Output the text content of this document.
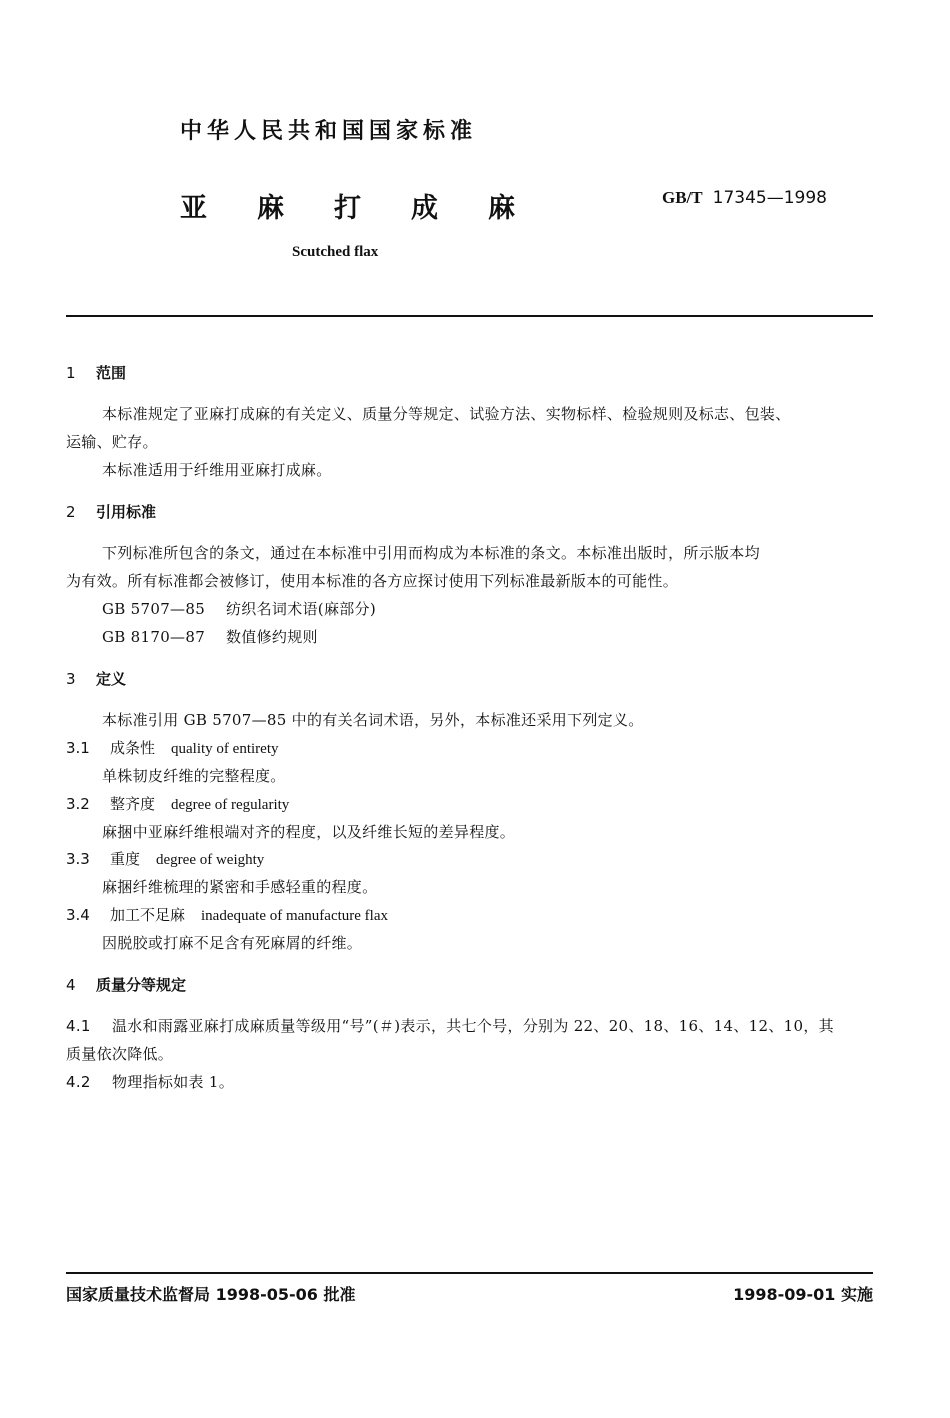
中华人民共和国国家标准
亚 麻 打 成 麻	GB/T 17345—1998
Scutched flax
1 范围
本标准规定了亚麻打成麻的有关定义、质量分等规定、试验方法、实物标样、检验规则及标志、包装、
运输、贮存。
本标准适用于纤维用亚麻打成麻。
2 引用标准
下列标准所包含的条文，通过在本标准中引用而构成为本标准的条文。本标准出版时，所示版本均
为有效。所有标准都会被修订，使用本标准的各方应探讨使用下列标准最新版本的可能性。
GB 5707—85 纺织名词术语(麻部分)
GB 8170—87 数值修约规则
3 定义
本标准引用 GB 5707—85 中的有关名词术语，另外，本标准还采用下列定义。
3.1 成条性 quality of entirety
单株韧皮纤维的完整程度。
3.2 整齐度 degree of regularity
麻捆中亚麻纤维根端对齐的程度，以及纤维长短的差异程度。
3.3 重度 degree of weighty
麻捆纤维梳理的紧密和手感轻重的程度。
3.4 加工不足麻 inadequate of manufacture flax
因脱胶或打麻不足含有死麻屑的纤维。
4 质量分等规定
4.1 温水和雨露亚麻打成麻质量等级用“号”(＃)表示，共七个号，分别为 22、20、18、16、14、12、10，其
质量依次降低。
4.2 物理指标如表 1。
国家质量技术监督局 1998-05-06 批准	1998-09-01 实施
